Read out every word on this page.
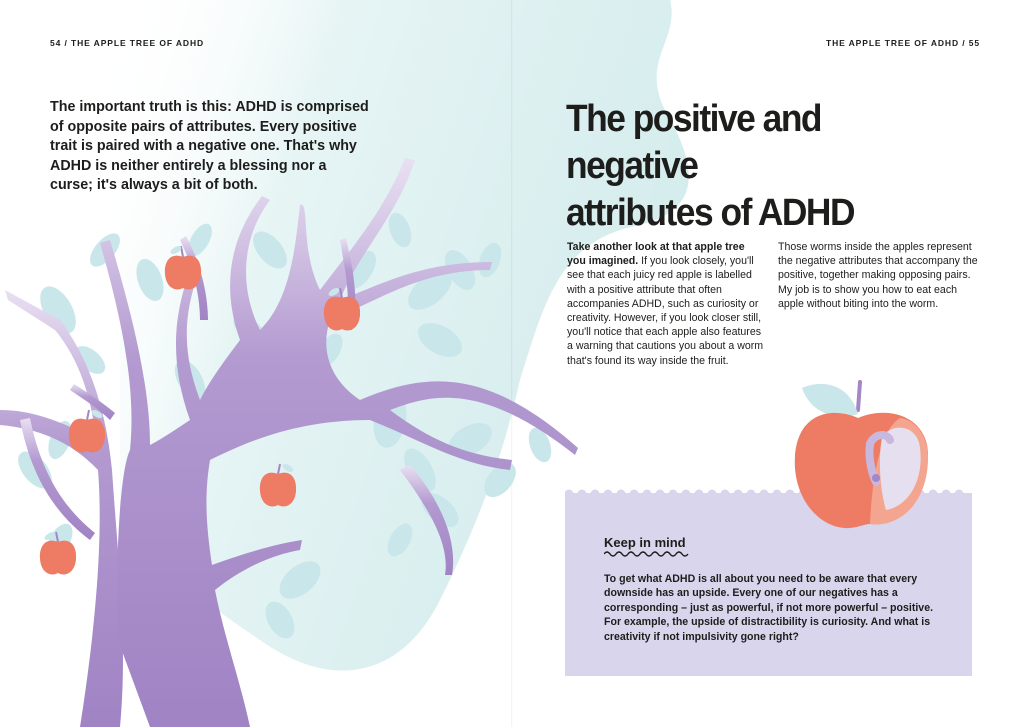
54 / THE APPLE TREE OF ADHD	THE APPLE TREE OF ADHD / 55
The important truth is this: ADHD is comprised of opposite pairs of attributes. Every positive trait is paired with a negative one. That's why ADHD is neither entirely a blessing nor a curse; it's always a bit of both.
The positive and negative
attributes of ADHD
Take another look at that apple tree you imagined. If you look closely, you'll see that each juicy red apple is labelled with a positive attribute that often accompanies ADHD, such as curiosity or creativity. However, if you look closer still, you'll notice that each apple also features a warning that cautions you about a worm that's found its way inside the fruit.
Those worms inside the apples represent the negative attributes that accompany the positive, together making opposing pairs. My job is to show you how to eat each apple without biting into the worm.
Keep in mind
To get what ADHD is all about you need to be aware that every downside has an upside. Every one of our negatives has a corresponding – just as powerful, if not more powerful – positive. For example, the upside of distractibility is curiosity. And what is creativity if not impulsivity gone right?
